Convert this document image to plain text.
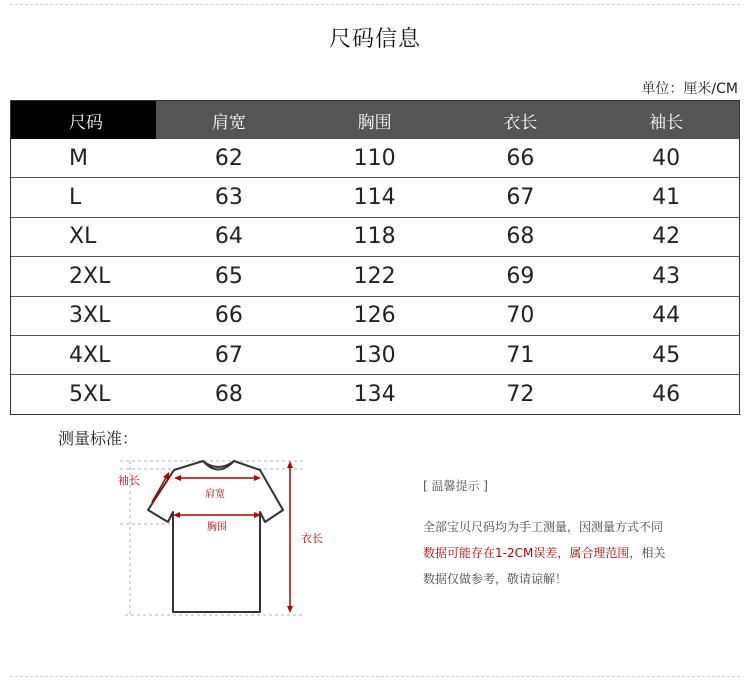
尺码信息
单位：厘米/CM
尺码	肩宽	胸围	衣长	袖长
M	62	110	66	40
L	63	114	67	41
XL	64	118	68	42
2XL	65	122	69	43
3XL	66	126	70	44
4XL	67	130	71	45
5XL	68	134	72	46
测量标准：
肩宽
胸围
袖长
衣长
[ 温馨提示 ]
全部宝贝尺码均为手工测量，因测量方式不同
数据可能存在1-2CM误差，属合理范围，相关
数据仅做参考，敬请谅解！
